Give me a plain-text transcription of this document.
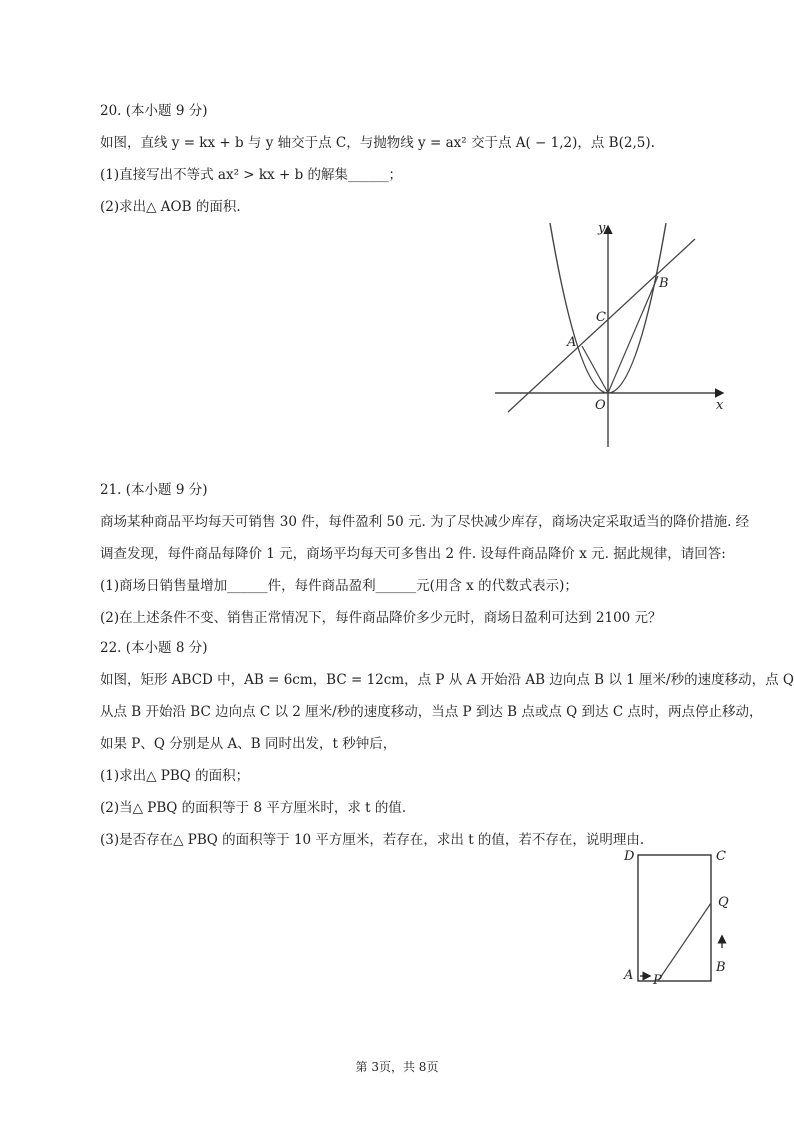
20. (本小题 9 分)
如图，直线 y = kx + b 与 y 轴交于点 C，与抛物线 y = ax² 交于点 A( − 1,2)，点 B(2,5).
(1)直接写出不等式 ax² > kx + b 的解集______；
(2)求出△ AOB 的面积.
y
x
O
A
B
C
21. (本小题 9 分)
商场某种商品平均每天可销售 30 件，每件盈利 50 元. 为了尽快减少库存，商场决定采取适当的降价措施. 经
调查发现，每件商品每降价 1 元，商场平均每天可多售出 2 件. 设每件商品降价 x 元. 据此规律，请回答:
(1)商场日销售量增加______件，每件商品盈利______元(用含 x 的代数式表示)；
(2)在上述条件不变、销售正常情况下，每件商品降价多少元时，商场日盈利可达到 2100 元？
22. (本小题 8 分)
如图，矩形 ABCD 中，AB = 6cm，BC = 12cm，点 P 从 A 开始沿 AB 边向点 B 以 1 厘米/秒的速度移动，点 Q
从点 B 开始沿 BC 边向点 C 以 2 厘米/秒的速度移动，当点 P 到达 B 点或点 Q 到达 C 点时，两点停止移动，
如果 P、Q 分别是从 A、B 同时出发，t 秒钟后，
(1)求出△ PBQ 的面积；
(2)当△ PBQ 的面积等于 8 平方厘米时，求 t 的值.
(3)是否存在△ PBQ 的面积等于 10 平方厘米，若存在，求出 t 的值，若不存在，说明理由.
D	C
Q
A P
B
第 3页，共 8页
